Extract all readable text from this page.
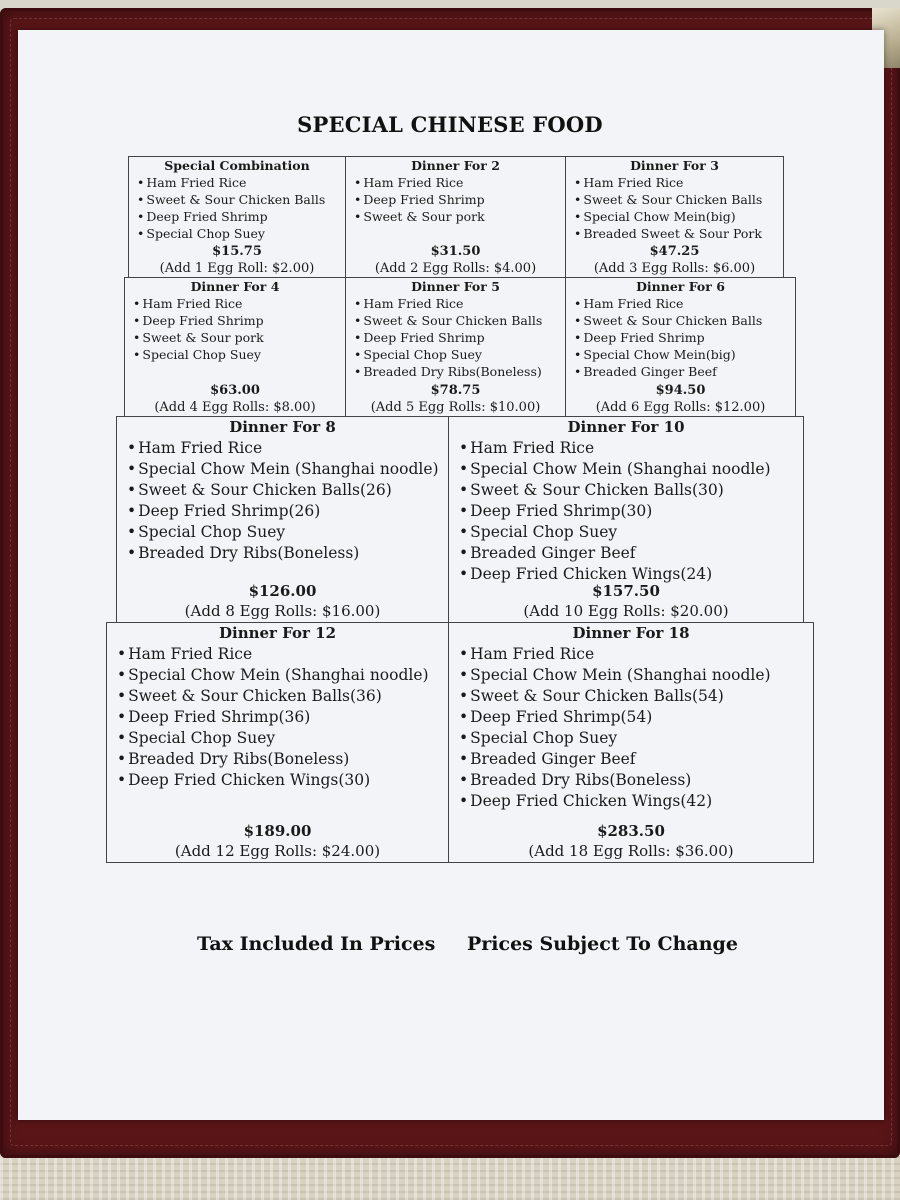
SPECIAL CHINESE FOOD
Special Combination
• Ham Fried Rice
• Sweet & Sour Chicken Balls
• Deep Fried Shrimp
• Special Chop Suey
$15.75
(Add 1 Egg Roll: $2.00)
Dinner For 2
• Ham Fried Rice
• Deep Fried Shrimp
• Sweet & Sour pork
$31.50
(Add 2 Egg Rolls: $4.00)
Dinner For 3
• Ham Fried Rice
• Sweet & Sour Chicken Balls
• Special Chow Mein(big)
• Breaded Sweet & Sour Pork
$47.25
(Add 3 Egg Rolls: $6.00)
Dinner For 4
• Ham Fried Rice
• Deep Fried Shrimp
• Sweet & Sour pork
• Special Chop Suey
$63.00
(Add 4 Egg Rolls: $8.00)
Dinner For 5
• Ham Fried Rice
• Sweet & Sour Chicken Balls
• Deep Fried Shrimp
• Special Chop Suey
• Breaded Dry Ribs(Boneless)
$78.75
(Add 5 Egg Rolls: $10.00)
Dinner For 6
• Ham Fried Rice
• Sweet & Sour Chicken Balls
• Deep Fried Shrimp
• Special Chow Mein(big)
• Breaded Ginger Beef
$94.50
(Add 6 Egg Rolls: $12.00)
Dinner For 8
• Ham Fried Rice
• Special Chow Mein (Shanghai noodle)
• Sweet & Sour Chicken Balls(26)
• Deep Fried Shrimp(26)
• Special Chop Suey
• Breaded Dry Ribs(Boneless)
$126.00
(Add 8 Egg Rolls: $16.00)
Dinner For 10
• Ham Fried Rice
• Special Chow Mein (Shanghai noodle)
• Sweet & Sour Chicken Balls(30)
• Deep Fried Shrimp(30)
• Special Chop Suey
• Breaded Ginger Beef
• Deep Fried Chicken Wings(24)
$157.50
(Add 10 Egg Rolls: $20.00)
Dinner For 12
• Ham Fried Rice
• Special Chow Mein (Shanghai noodle)
• Sweet & Sour Chicken Balls(36)
• Deep Fried Shrimp(36)
• Special Chop Suey
• Breaded Dry Ribs(Boneless)
• Deep Fried Chicken Wings(30)
$189.00
(Add 12 Egg Rolls: $24.00)
Dinner For 18
• Ham Fried Rice
• Special Chow Mein (Shanghai noodle)
• Sweet & Sour Chicken Balls(54)
• Deep Fried Shrimp(54)
• Special Chop Suey
• Breaded Ginger Beef
• Breaded Dry Ribs(Boneless)
• Deep Fried Chicken Wings(42)
$283.50
(Add 18 Egg Rolls: $36.00)
Tax Included In Prices Prices Subject To Change
